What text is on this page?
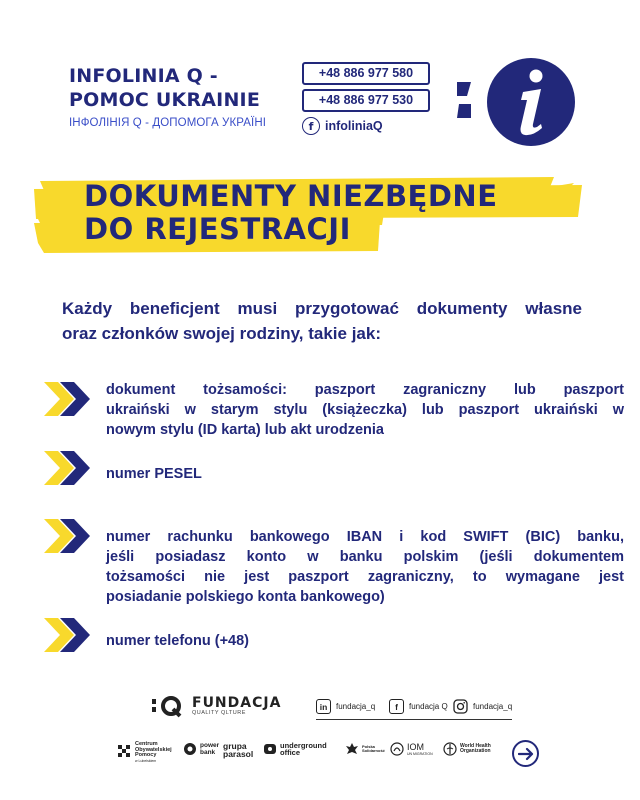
INFOLINIA Q -
POMOC UKRAINIE
ІНФОЛІНІЯ Q - ДОПОМОГА УКРАЇНІ
+48 886 977 580
+48 886 977 530
f infoliniaQ
DOKUMENTY NIEZBĘDNE
DO REJESTRACJI
Każdy beneficjent musi przygotować dokumenty własne
oraz członków swojej rodziny, takie jak:
dokument tożsamości: paszport zagraniczny lub paszport
ukraiński w starym stylu (książeczka) lub paszport ukraiński w
nowym stylu (ID karta) lub akt urodzenia
numer PESEL
numer rachunku bankowego IBAN i kod SWIFT (BIC) banku,
jeśli posiadasz konto w banku polskim (jeśli dokumentem
tożsamości nie jest paszport zagraniczny, to wymagane jest
posiadanie polskiego konta bankowego)
numer telefonu (+48)
FUNDACJA
QUALITY QLTURE
in	fundacja_q	f	fundacja Q	fundacja_q
Centrum
Obywatelskiej
Pomocy
w Lubelskiem
power
bank
grupa
parasol
underground
office
Polska
Solidarność IOM
UN MIGRATION
World Health
Organization
